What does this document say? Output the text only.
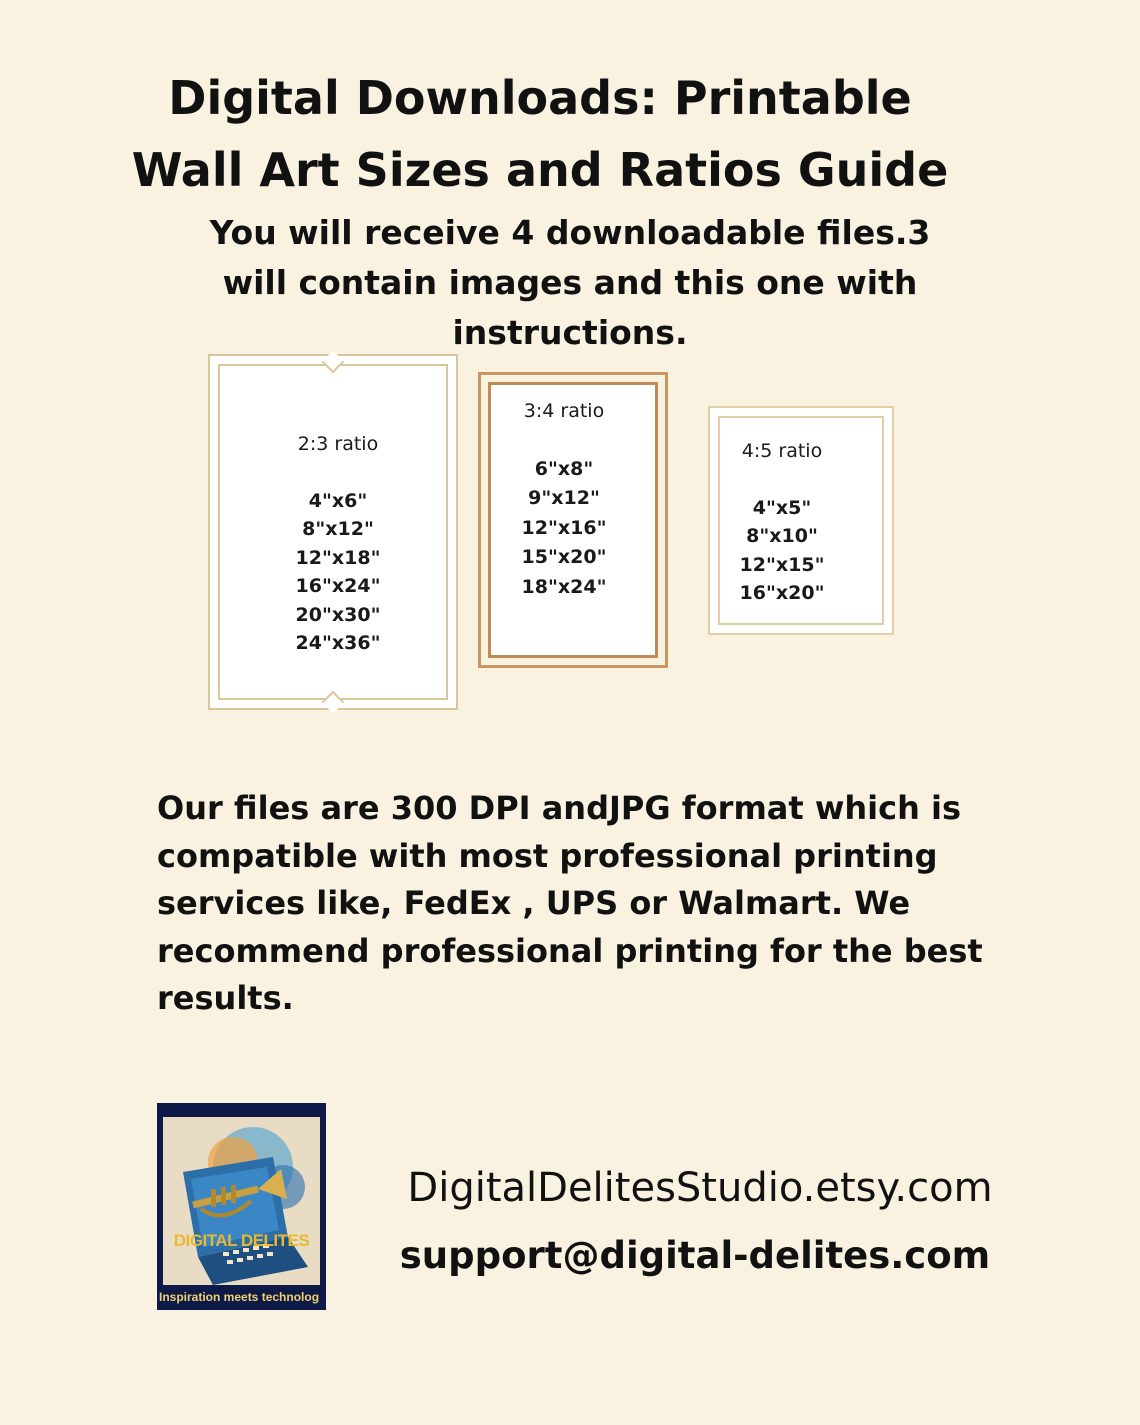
Digital Downloads: Printable
Wall Art Sizes and Ratios Guide
You will receive 4 downloadable files.3
will contain images and this one with
instructions.
2:3 ratio
4"x6"
8"x12"
12"x18"
16"x24"
20"x30"
24"x36"
3:4 ratio
6"x8"
9"x12"
12"x16"
15"x20"
18"x24"
4:5 ratio
4"x5"
8"x10"
12"x15"
16"x20"
Our files are 300 DPI andJPG format which is
compatible with most professional printing
services like, FedEx , UPS or Walmart. We
recommend professional printing for the best
results.
DIGITAL DELITES
Inspiration meets technolog
DigitalDelitesStudio.etsy.com
support@digital-delites.com
